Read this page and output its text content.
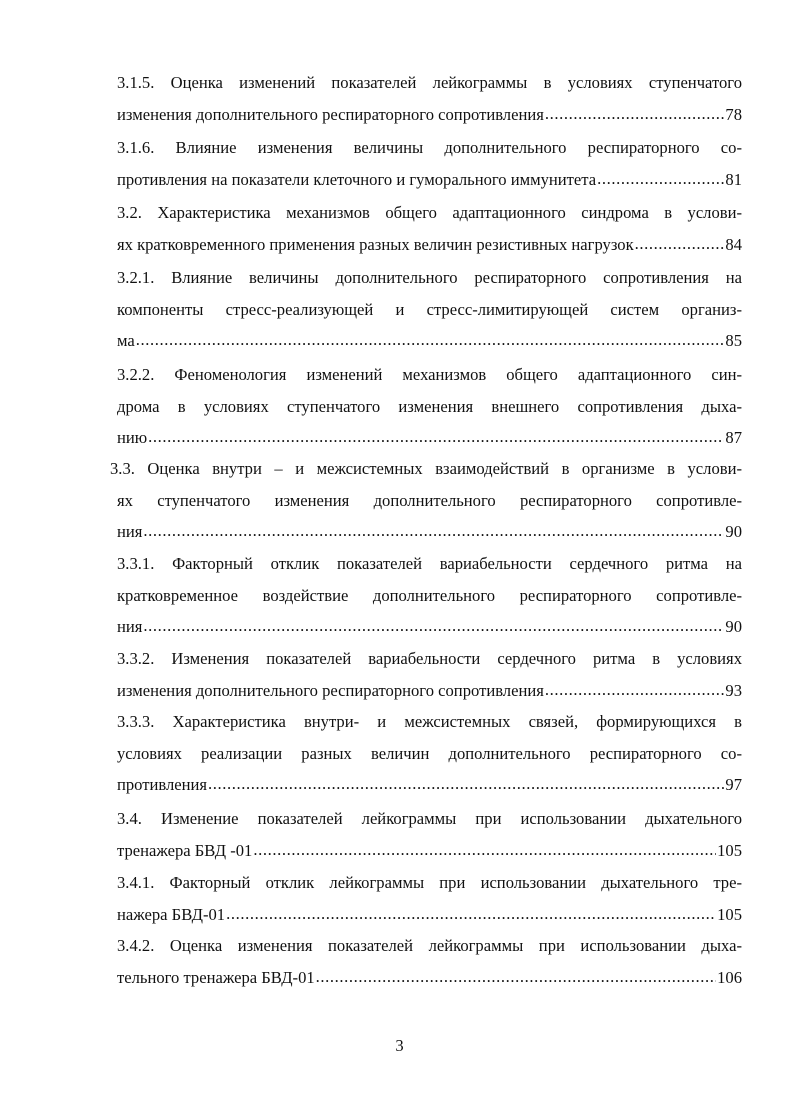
3.1.5. Оценка изменений показателей лейкограммы в условиях ступенчатого
изменения дополнительного респираторного сопротивления .....	78
3.1.6. Влияние изменения величины дополнительного респираторного со-
противления на показатели клеточного и гуморального иммунитета .....	81
3.2. Характеристика механизмов общего адаптационного синдрома в услови-
ях кратковременного применения разных величин резистивных нагрузок .....	84
3.2.1. Влияние величины дополнительного респираторного сопротивления на
компоненты стресс-реализующей и стресс-лимитирующей систем организ-
ма .....	85
3.2.2. Феноменология изменений механизмов общего адаптационного син-
дрома в условиях ступенчатого изменения внешнего сопротивления дыха-
нию .....	87
3.3. Оценка внутри – и межсистемных взаимодействий в организме в услови-
ях ступенчатого изменения дополнительного респираторного сопротивле-
ния .....	90
3.3.1. Факторный отклик показателей вариабельности сердечного ритма на
кратковременное воздействие дополнительного респираторного сопротивле-
ния .....	90
3.3.2. Изменения показателей вариабельности сердечного ритма в условиях
изменения дополнительного респираторного сопротивления .....	93
3.3.3. Характеристика внутри- и межсистемных связей, формирующихся в
условиях реализации разных величин дополнительного респираторного со-
противления .....	97
3.4. Изменение показателей лейкограммы при использовании дыхательного
тренажера БВД -01 .....	105
3.4.1. Факторный отклик лейкограммы при использовании дыхательного тре-
нажера БВД-01 .....	105
3.4.2. Оценка изменения показателей лейкограммы при использовании дыха-
тельного тренажера БВД-01 .....	106
3
